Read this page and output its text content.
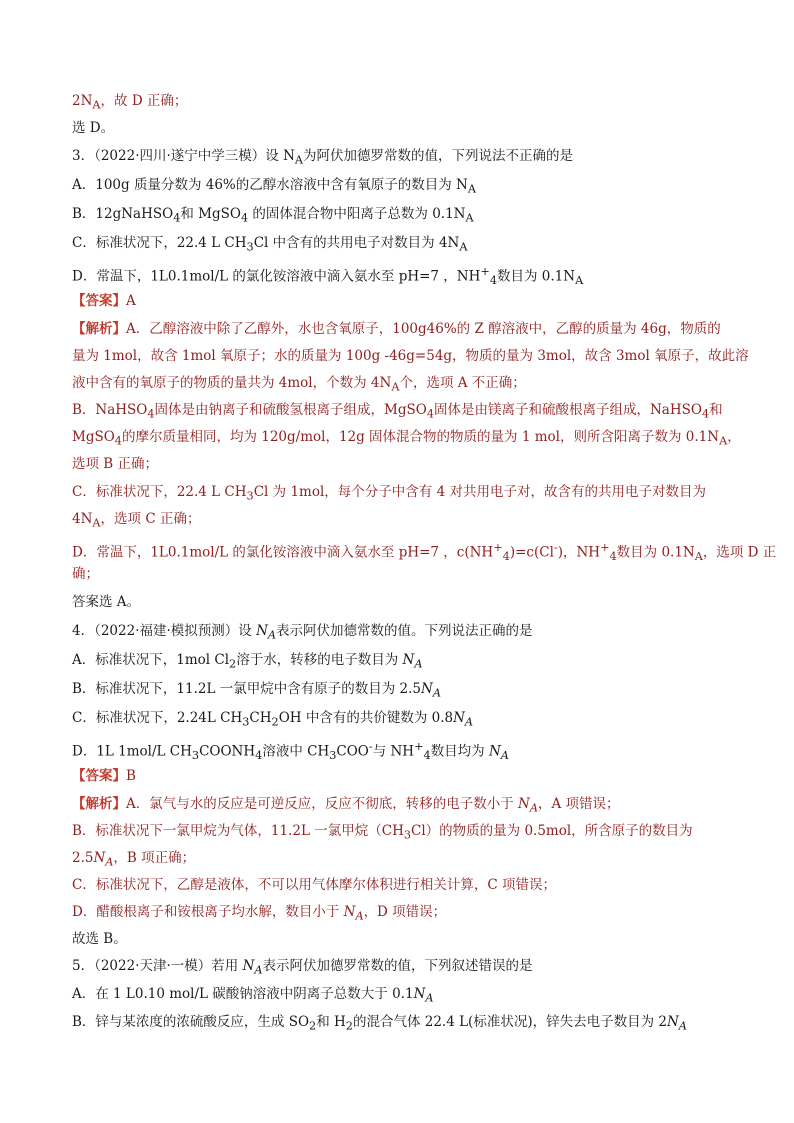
$2N_A$，故 D 正确；
选 D。
3．（2022·四川·遂宁中学三模）设 $N_A$为阿伏加德罗常数的值，下列说法不正确的是
A．100g 质量分数为 46%的乙醇水溶液中含有氧原子的数目为 $N_A$
B．12gNaHSO$_4$和 MgSO$_4$ 的固体混合物中阳离子总数为 $0.1N_A$
C．标准状况下，22.4 L $CH_3Cl$ 中含有的共用电子对数目为 $4N_A$
D．常温下，1L0.1mol/L 的氯化铵溶液中滴入氨水至 pH=7 ，$NH^+_4$数目为 $0.1N_A$
【答案】A
【解析】A．乙醇溶液中除了乙醇外，水也含氧原子，100g46%的 Z 醇溶液中，乙醇的质量为 46g，物质的
量为 1mol，故含 1mol 氧原子；水的质量为 100g -46g=54g，物质的量为 3mol，故含 3mol 氧原子，故此溶
液中含有的氧原子的物质的量共为 4mol，个数为 $4N_A$个，选项 A 不正确；
B．NaHSO$_4$固体是由钠离子和硫酸氢根离子组成，MgSO$_4$固体是由镁离子和硫酸根离子组成，NaHSO$_4$和
MgSO$_4$的摩尔质量相同，均为 120g/mol，12g 固体混合物的物质的量为 1 mol，则所含阳离子数为 $0.1N_A$，
选项 B 正确；
C．标准状况下，22.4 L $CH_3Cl$ 为 1mol，每个分子中含有 4 对共用电子对，故含有的共用电子对数目为
$4N_A$，选项 C 正确；
D．常温下，1L0.1mol/L 的氯化铵溶液中滴入氨水至 pH=7 ，$c(NH^+_4)=c(Cl^-)$，$NH^+_4$数目为 $0.1N_A$，选项 D 正
确；
答案选 A。
4．（2022·福建·模拟预测）设 $N_A$表示阿伏加德常数的值。下列说法正确的是
A．标准状况下，1mol $Cl_2$溶于水，转移的电子数目为 $N_A$
B．标准状况下，11.2L 一氯甲烷中含有原子的数目为 $2.5N_A$
C．标准状况下，2.24L $CH_3CH_2OH$ 中含有的共价键数为 $0.8N_A$
D．1L 1mol/L $CH_3COONH_4$溶液中 $CH_3COO^-$与 $NH^+_4$数目均为 $N_A$
【答案】B
【解析】A．氯气与水的反应是可逆反应，反应不彻底，转移的电子数小于 $N_A$，A 项错误；
B．标准状况下一氯甲烷为气体，11.2L 一氯甲烷$(CH_3Cl)$的物质的量为 0.5mol，所含原子的数目为
$2.5N_A$，B 项正确；
C．标准状况下，乙醇是液体，不可以用气体摩尔体积进行相关计算，C 项错误；
D．醋酸根离子和铵根离子均水解，数目小于 $N_A$，D 项错误；
故选 B。
5．（2022·天津·一模）若用 $N_A$表示阿伏加德罗常数的值，下列叙述错误的是
A．在 1 L0.10 mol/L 碳酸钠溶液中阴离子总数大于 $0.1N_A$
B．锌与某浓度的浓硫酸反应，生成 $SO_2$和 $H_2$的混合气体 22.4 L(标准状况)，锌失去电子数目为 $2N_A$
